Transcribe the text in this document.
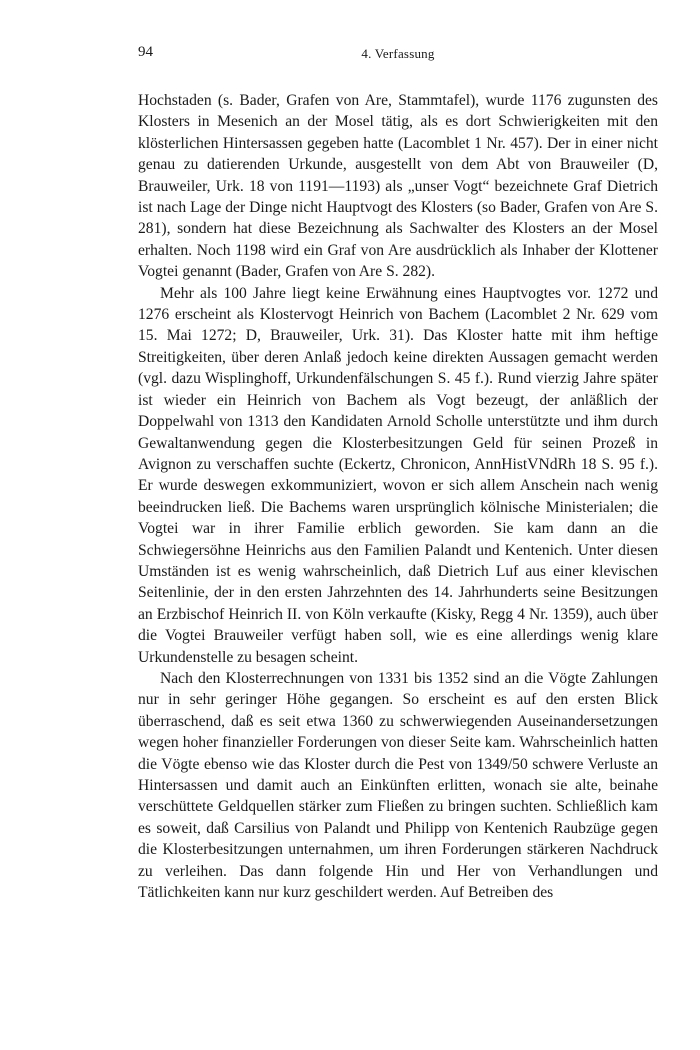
94	4. Verfassung

Hochstaden (s. Bader, Grafen von Are, Stammtafel), wurde 1176 zugunsten des Klosters in Mesenich an der Mosel tätig, als es dort Schwierigkeiten mit den klösterlichen Hintersassen gegeben hatte (Lacomblet 1 Nr. 457). Der in einer nicht genau zu datierenden Urkunde, ausgestellt von dem Abt von Brauweiler (D, Brauweiler, Urk. 18 von 1191—1193) als „unser Vogt“ bezeichnete Graf Dietrich ist nach Lage der Dinge nicht Hauptvogt des Klosters (so Bader, Grafen von Are S. 281), sondern hat diese Bezeichnung als Sachwalter des Klosters an der Mosel erhalten. Noch 1198 wird ein Graf von Are ausdrücklich als Inhaber der Klottener Vogtei genannt (Bader, Grafen von Are S. 282).

Mehr als 100 Jahre liegt keine Erwähnung eines Hauptvogtes vor. 1272 und 1276 erscheint als Klostervogt Heinrich von Bachem (Lacomblet 2 Nr. 629 vom 15. Mai 1272; D, Brauweiler, Urk. 31). Das Kloster hatte mit ihm heftige Streitigkeiten, über deren Anlaß jedoch keine direkten Aussagen gemacht werden (vgl. dazu Wisplinghoff, Urkundenfälschungen S. 45 f.). Rund vierzig Jahre später ist wieder ein Heinrich von Bachem als Vogt bezeugt, der anläßlich der Doppelwahl von 1313 den Kandidaten Arnold Scholle unterstützte und ihm durch Gewaltanwendung gegen die Klosterbesitzungen Geld für seinen Prozeß in Avignon zu verschaffen suchte (Eckertz, Chronicon, AnnHistVNdRh 18 S. 95 f.). Er wurde deswegen exkommuniziert, wovon er sich allem Anschein nach wenig beeindrucken ließ. Die Bachems waren ursprünglich kölnische Ministerialen; die Vogtei war in ihrer Familie erblich geworden. Sie kam dann an die Schwiegersöhne Heinrichs aus den Familien Palandt und Kentenich. Unter diesen Umständen ist es wenig wahrscheinlich, daß Dietrich Luf aus einer klevischen Seitenlinie, der in den ersten Jahrzehnten des 14. Jahrhunderts seine Besitzungen an Erzbischof Heinrich II. von Köln verkaufte (Kisky, Regg 4 Nr. 1359), auch über die Vogtei Brauweiler verfügt haben soll, wie es eine allerdings wenig klare Urkundenstelle zu besagen scheint.

Nach den Klosterrechnungen von 1331 bis 1352 sind an die Vögte Zahlungen nur in sehr geringer Höhe gegangen. So erscheint es auf den ersten Blick überraschend, daß es seit etwa 1360 zu schwerwiegenden Auseinandersetzungen wegen hoher finanzieller Forderungen von dieser Seite kam. Wahrscheinlich hatten die Vögte ebenso wie das Kloster durch die Pest von 1349/50 schwere Verluste an Hintersassen und damit auch an Einkünften erlitten, wonach sie alte, beinahe verschüttete Geldquellen stärker zum Fließen zu bringen suchten. Schließlich kam es soweit, daß Carsilius von Palandt und Philipp von Kentenich Raubzüge gegen die Klosterbesitzungen unternahmen, um ihren Forderungen stärkeren Nachdruck zu verleihen. Das dann folgende Hin und Her von Verhandlungen und Tätlichkeiten kann nur kurz geschildert werden. Auf Betreiben des
